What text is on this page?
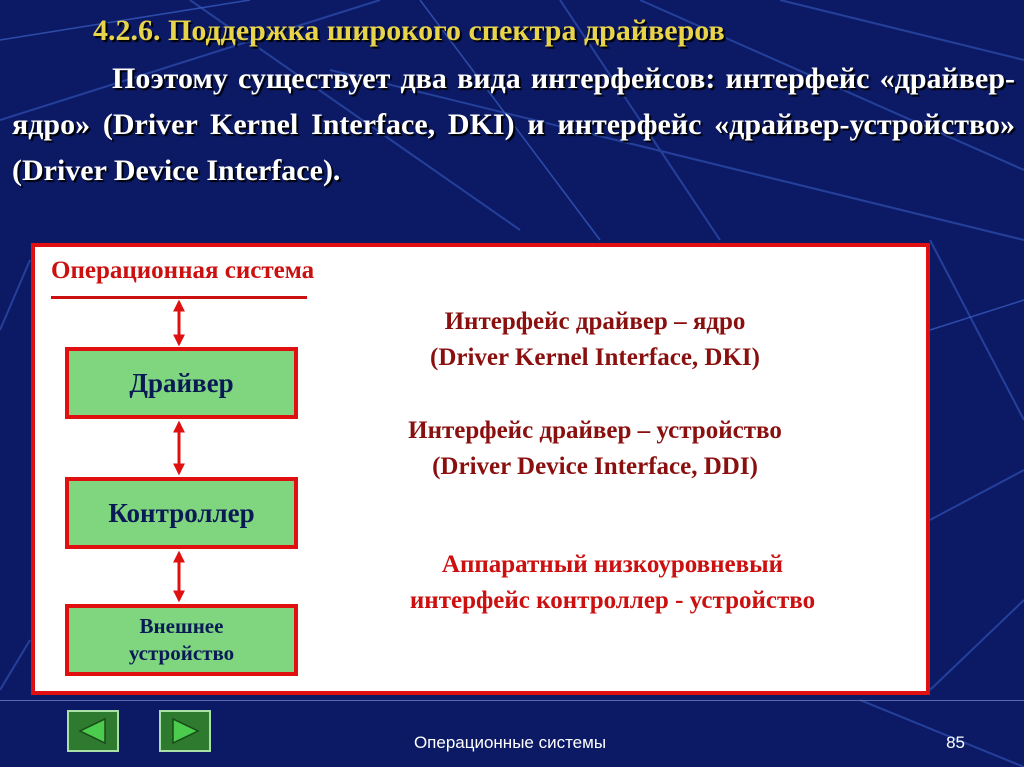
4.2.6. Поддержка широкого спектра драйверов
Поэтому существует два вида интерфейсов: интерфейс «драйвер-ядро» (Driver Kernel Interface, DKI) и интерфейс «драйвер-устройство» (Driver Device Interface).
Операционная система
Драйвер
Контроллер
Внешнее
устройство
Интерфейс драйвер – ядро
(Driver Kernel Interface, DKI)
Интерфейс драйвер – устройство
(Driver Device Interface, DDI)
Аппаратный низкоуровневый
интерфейс контроллер - устройство
Операционные системы	85
